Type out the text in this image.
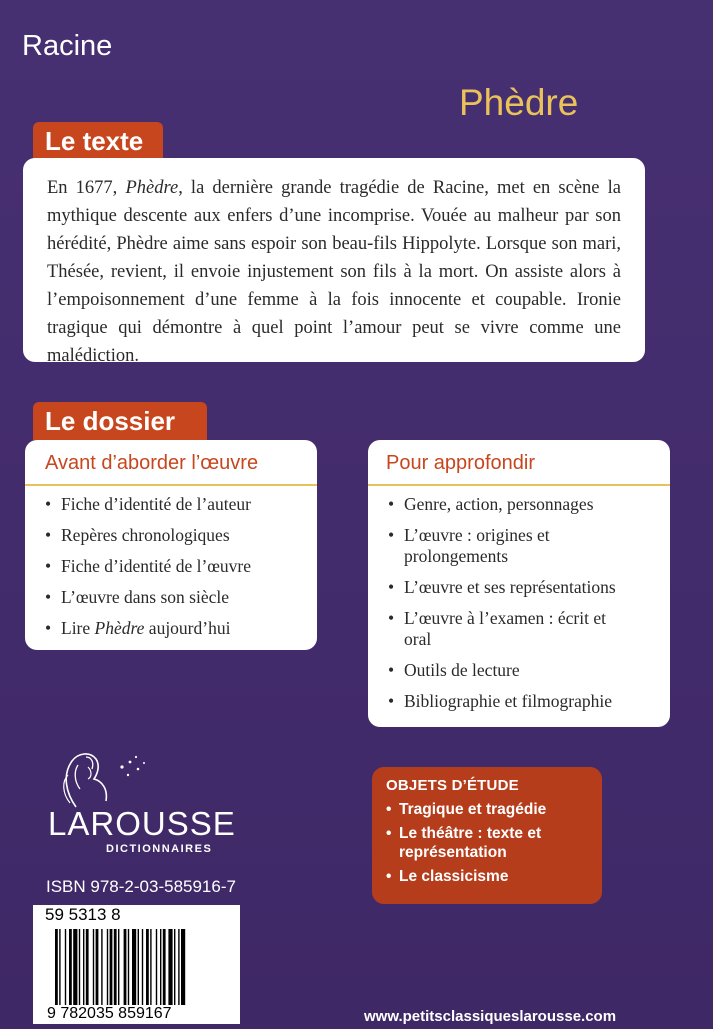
Racine
Phèdre
Le texte

En 1677, Phèdre, la dernière grande tragédie de Racine, met en scène la mythique descente aux enfers d’une incomprise. Vouée au malheur par son hérédité, Phèdre aime sans espoir son beau-fils Hippolyte. Lorsque son mari, Thésée, revient, il envoie injustement son fils à la mort. On assiste alors à l’empoisonnement d’une femme à la fois innocente et coupable. Ironie tragique qui démontre à quel point l’amour peut se vivre comme une malédiction.

Le dossier
Avant d’aborder l’œuvre
• Fiche d’identité de l’auteur
• Repères chronologiques
• Fiche d’identité de l’œuvre
• L’œuvre dans son siècle
• Lire Phèdre aujourd’hui
Pour approfondir
• Genre, action, personnages
• L’œuvre : origines et prolongements
• L’œuvre et ses représentations
• L’œuvre à l’examen : écrit et oral
• Outils de lecture
• Bibliographie et filmographie
LAROUSSE
DICTIONNAIRES
OBJETS D’ÉTUDE
• Tragique et tragédie
• Le théâtre : texte et représentation
• Le classicisme
ISBN 978-2-03-585916-7
59 5313 8
9 782035 859167	www.petitsclassiqueslarousse.com
